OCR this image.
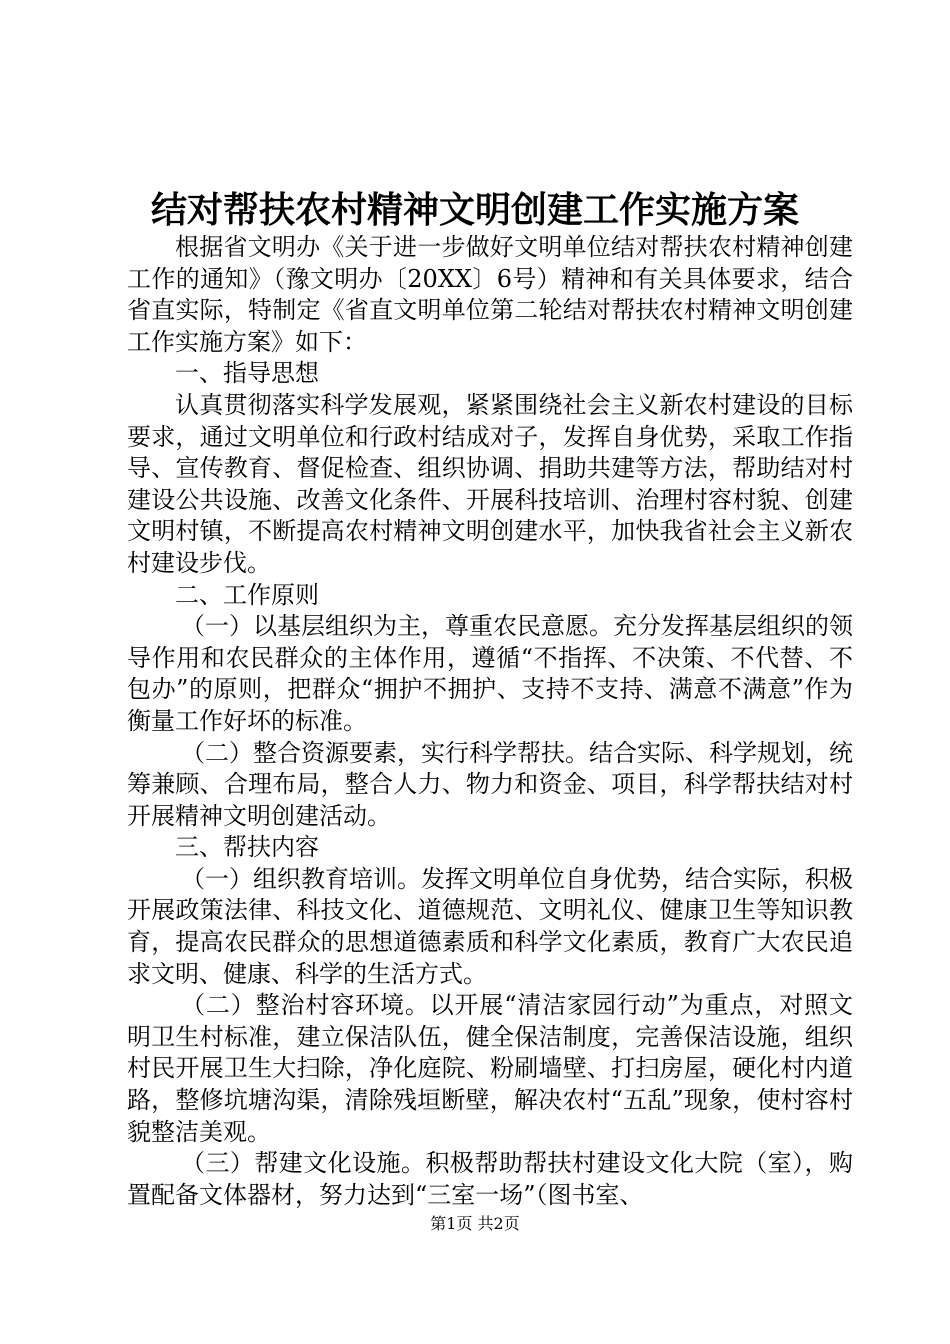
结对帮扶农村精神文明创建工作实施方案

根据省文明办《关于进一步做好文明单位结对帮扶农村精神创建工作的通知》（豫文明办〔20XX〕6号）精神和有关具体要求，结合省直实际，特制定《省直文明单位第二轮结对帮扶农村精神文明创建工作实施方案》如下：

一、指导思想

认真贯彻落实科学发展观，紧紧围绕社会主义新农村建设的目标要求，通过文明单位和行政村结成对子，发挥自身优势，采取工作指导、宣传教育、督促检查、组织协调、捐助共建等方法，帮助结对村建设公共设施、改善文化条件、开展科技培训、治理村容村貌、创建文明村镇，不断提高农村精神文明创建水平，加快我省社会主义新农村建设步伐。

二、工作原则

（一）以基层组织为主，尊重农民意愿。充分发挥基层组织的领导作用和农民群众的主体作用，遵循“不指挥、不决策、不代替、不包办”的原则，把群众“拥护不拥护、支持不支持、满意不满意”作为衡量工作好坏的标准。

（二）整合资源要素，实行科学帮扶。结合实际、科学规划，统筹兼顾、合理布局，整合人力、物力和资金、项目，科学帮扶结对村开展精神文明创建活动。

三、帮扶内容

（一）组织教育培训。发挥文明单位自身优势，结合实际，积极开展政策法律、科技文化、道德规范、文明礼仪、健康卫生等知识教育，提高农民群众的思想道德素质和科学文化素质，教育广大农民追求文明、健康、科学的生活方式。

（二）整治村容环境。以开展“清洁家园行动”为重点，对照文明卫生村标准，建立保洁队伍，健全保洁制度，完善保洁设施，组织村民开展卫生大扫除，净化庭院、粉刷墙壁、打扫房屋，硬化村内道路，整修坑塘沟渠，清除残垣断壁，解决农村“五乱”现象，使村容村貌整洁美观。

（三）帮建文化设施。积极帮助帮扶村建设文化大院（室），购置配备文体器材，努力达到“三室一场”（图书室、

第1页 共2页
